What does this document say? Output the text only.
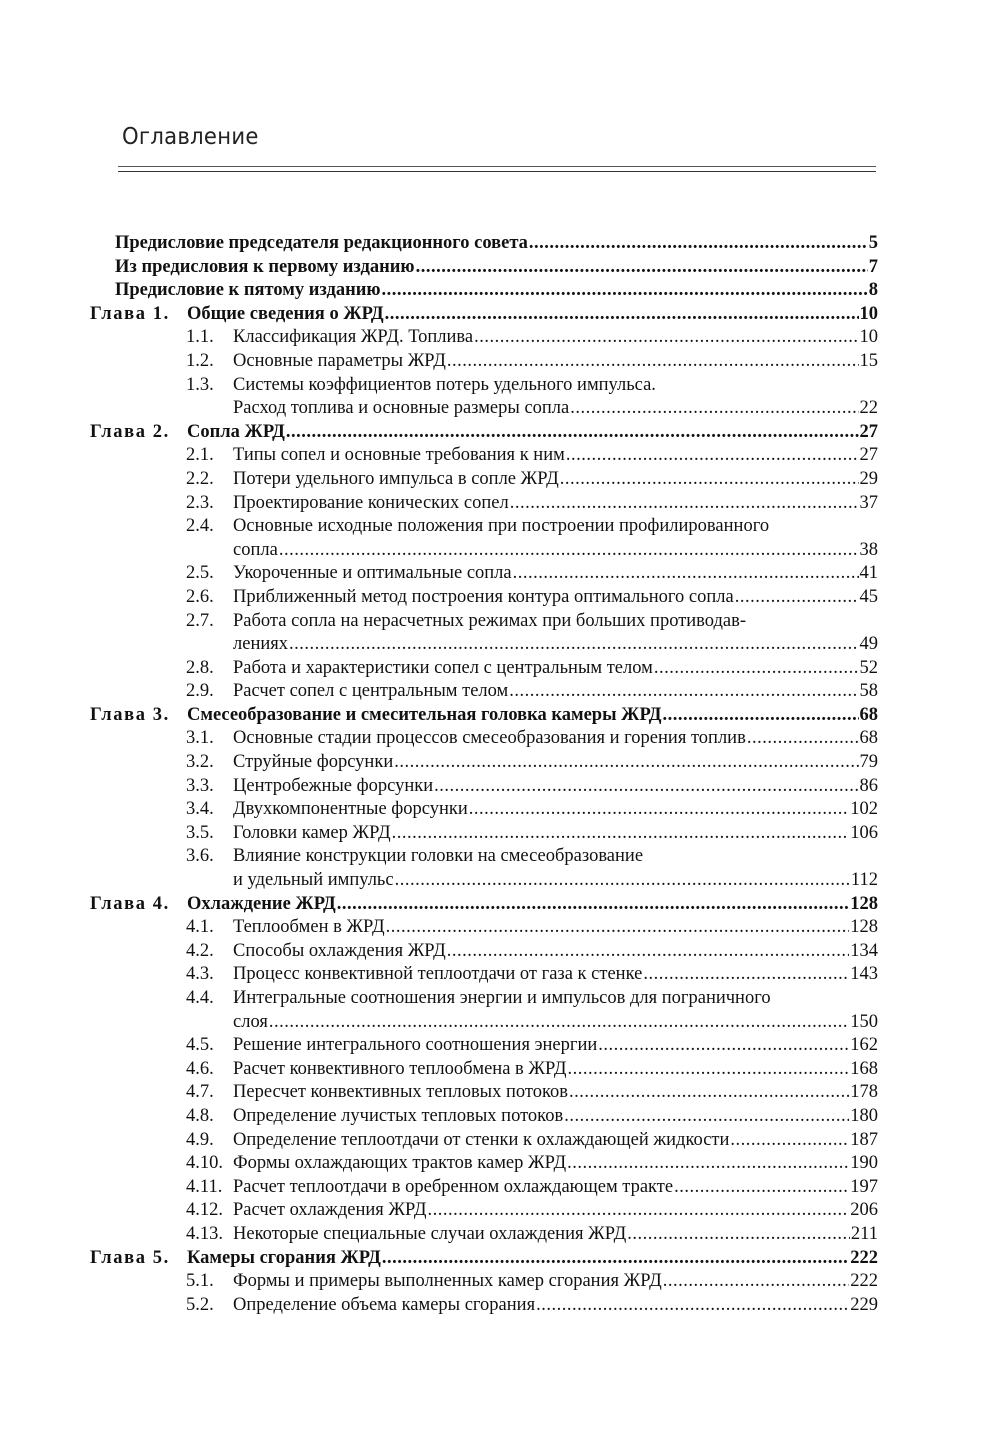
Оглавление
Предисловие председателя редакционного совета .....	5
Из предисловия к первому изданию .....	7
Предисловие к пятому изданию .....	8
Глава 1. Общие сведения о ЖРД .....	10
1.1. Классификация ЖРД. Топлива .....	10
1.2. Основные параметры ЖРД .....	15
1.3. Системы коэффициентов потерь удельного импульса.
Расход топлива и основные размеры сопла .....	22
Глава 2. Сопла ЖРД .....	27
2.1. Типы сопел и основные требования к ним .....	27
2.2. Потери удельного импульса в сопле ЖРД .....	29
2.3. Проектирование конических сопел .....	37
2.4. Основные исходные положения при построении профилированного
сопла .....	38
2.5. Укороченные и оптимальные сопла .....	41
2.6. Приближенный метод построения контура оптимального сопла .....	45
2.7. Работа сопла на нерасчетных режимах при больших противодав-
лениях .....	49
2.8. Работа и характеристики сопел с центральным телом .....	52
2.9. Расчет сопел с центральным телом .....	58
Глава 3. Смесеобразование и смесительная головка камеры ЖРД .....	68
3.1. Основные стадии процессов смесеобразования и горения топлив .....	68
3.2. Струйные форсунки .....	79
3.3. Центробежные форсунки .....	86
3.4. Двухкомпонентные форсунки .....	102
3.5. Головки камер ЖРД .....	106
3.6. Влияние конструкции головки на смесеобразование
и удельный импульс .....	112
Глава 4. Охлаждение ЖРД .....	128
4.1. Теплообмен в ЖРД .....	128
4.2. Способы охлаждения ЖРД .....	134
4.3. Процесс конвективной теплоотдачи от газа к стенке .....	143
4.4. Интегральные соотношения энергии и импульсов для пограничного
слоя .....	150
4.5. Решение интегрального соотношения энергии .....	162
4.6. Расчет конвективного теплообмена в ЖРД .....	168
4.7. Пересчет конвективных тепловых потоков .....	178
4.8. Определение лучистых тепловых потоков .....	180
4.9. Определение теплоотдачи от стенки к охлаждающей жидкости .....	187
4.10. Формы охлаждающих трактов камер ЖРД .....	190
4.11. Расчет теплоотдачи в оребренном охлаждающем тракте .....	197
4.12. Расчет охлаждения ЖРД .....	206
4.13. Некоторые специальные случаи охлаждения ЖРД .....	211
Глава 5. Камеры сгорания ЖРД .....	222
5.1. Формы и примеры выполненных камер сгорания ЖРД .....	222
5.2. Определение объема камеры сгорания .....	229
